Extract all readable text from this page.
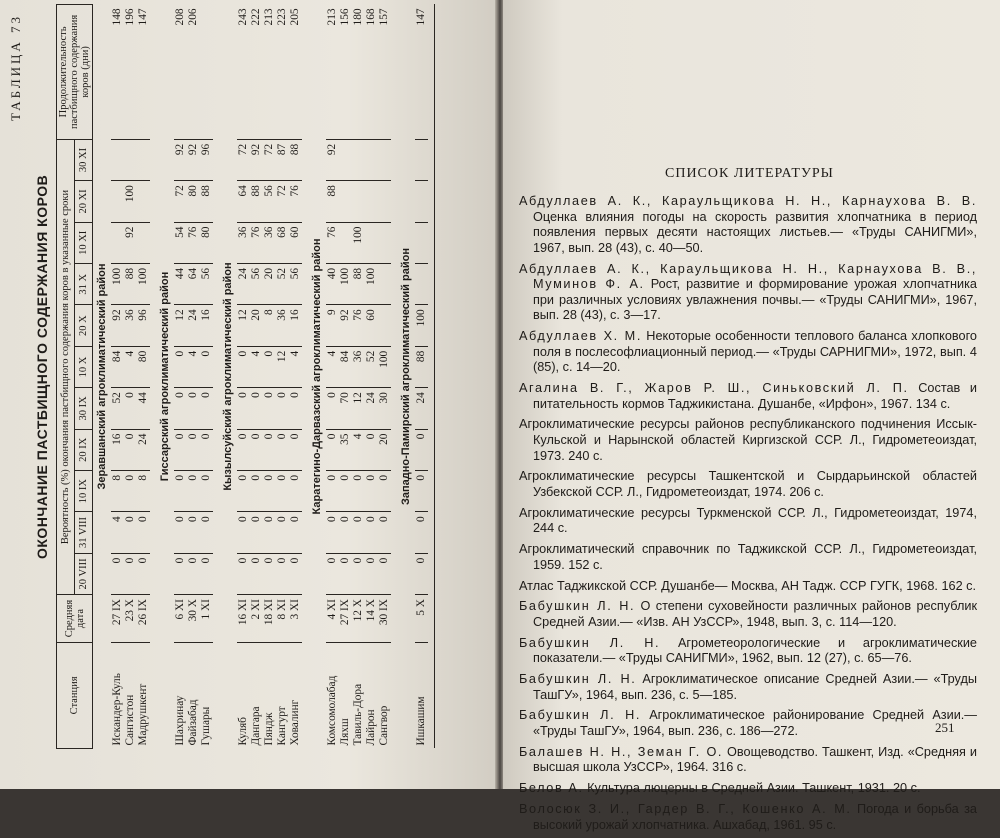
ТАБЛИЦА 73
ОКОНЧАНИЕ ПАСТБИЩНОГО СОДЕРЖАНИЯ КОРОВ
Станция	Средняя дата	Вероятность (%) окончания пастбищного содержания коров в указанные сроки											Продолжительность пастбищного содержания коров (дни)
		20 VIII	31 VIII	10 IX	20 IX	30 IX	10 X	20 X	31 X	10 XI	20 XI	30 XI	
Зеравшанский агроклиматический район													
Искандер-Куль	27 IX	0	4	8	16	52	84	92	100				148
Сангистон	23 X	0	0	0	0	0	4	36	88	92	100		196
Мадрушкент	26 IX	0	0	8	24	44	80	96	100				147

Гиссарский агроклиматический район													
Шахринау	6 XI	0	0	0	0	0	0	12	44	54	72	92	208
Файзабад	30 X	0	0	0	0	0	4	24	64	76	80	92	206
Гушары	1 XI	0	0	0	0	0	0	16	56	80	88	96	

Кызылсуйский агроклиматический район													
Куляб	16 XI	0	0	0	0	0	0	12	24	36	64	72	243
Дангара	2 XI	0	0	0	0	0	4	20	56	76	88	92	222
Пяндж	18 XI	0	0	0	0	0	0	8	20	36	56	72	213
Кангурт	8 XI	0	0	0	0	0	12	36	52	68	72	87	223
Ховалинг	3 XI	0	0	0	0	0	4	16	56	60	76	88	205

Каратегино-Дарвазский агроклиматический район													
Комсомолабад	4 XI	0	0	0	0	0	4	9	40	76	88	92	213
Ляхш	27 IX	0	0	0	35	70	84	92	100				156
Тавиль-Дора	12 X	0	0	0	4	12	36	76	88	100			180
Лайрон	14 X	0	0	0	0	24	52	60	100				168
Сангвор	30 IX	0	0	0	20	30	100						157

Западно-Памирский агроклиматический район													
Ишкашим	5 X	0	0	0	0	24	88	100					147

СПИСОК ЛИТЕРАТУРЫ
Абдуллаев А. К., Караульщикова Н. Н., Карнаухова В. В. Оценка влияния погоды на скорость развития хлопчатника в период появления первых десяти настоящих листьев.— «Труды САНИГМИ», 1967, вып. 28 (43), с. 40—50.
Абдуллаев А. К., Караульщикова Н. Н., Карнаухова В. В., Муминов Ф. А. Рост, развитие и формирование урожая хлопчатника при различных условиях увлажнения почвы.— «Труды САНИГМИ», 1967, вып. 28 (43), с. 3—17.
Абдуллаев Х. М. Некоторые особенности теплового баланса хлопкового поля в послесофлиационный период.— «Труды САРНИГМИ», 1972, вып. 4 (85), с. 14—20.
Агалина В. Г., Жаров Р. Ш., Синьковский Л. П. Состав и питательность кормов Таджикистана. Душанбе, «Ирфон», 1967. 134 с.
Агроклиматические ресурсы районов республиканского подчинения Иссык-Кульской и Нарынской областей Киргизской ССР. Л., Гидрометеоиздат, 1973. 240 с.
Агроклиматические ресурсы Ташкентской и Сырдарьинской областей Узбекской ССР. Л., Гидрометеоиздат, 1974. 206 с.
Агроклиматические ресурсы Туркменской ССР. Л., Гидрометеоиздат, 1974, 244 с.
Агроклиматический справочник по Таджикской ССР. Л., Гидрометеоиздат, 1959. 152 с.
Атлас Таджикской ССР. Душанбе— Москва, АН Тадж. ССР ГУГК, 1968. 162 с.
Бабушкин Л. Н. О степени суховейности различных районов республик Средней Азии.— «Изв. АН УзССР», 1948, вып. 3, с. 114—120.
Бабушкин Л. Н. Агрометеорологические и агроклиматические показатели.— «Труды САНИГМИ», 1962, вып. 12 (27), с. 65—76.
Бабушкин Л. Н. Агроклиматическое описание Средней Азии.— «Труды ТашГУ», 1964, вып. 236, с. 5—185.
Бабушкин Л. Н. Агроклиматическое районирование Средней Азии.— «Труды ТашГУ», 1964, вып. 236, с. 186—272.
Балашев Н. Н., Земан Г. О. Овощеводство. Ташкент, Изд. «Средняя и высшая школа УзССР», 1964. 316 с.
Белов А. Культура люцерны в Средней Азии. Ташкент, 1931. 20 с.
Волосюк З. И., Гардер В. Г., Кошенко А. М. Погода и борьба за высокий урожай хлопчатника. Ашхабад, 1961. 95 с.
251
